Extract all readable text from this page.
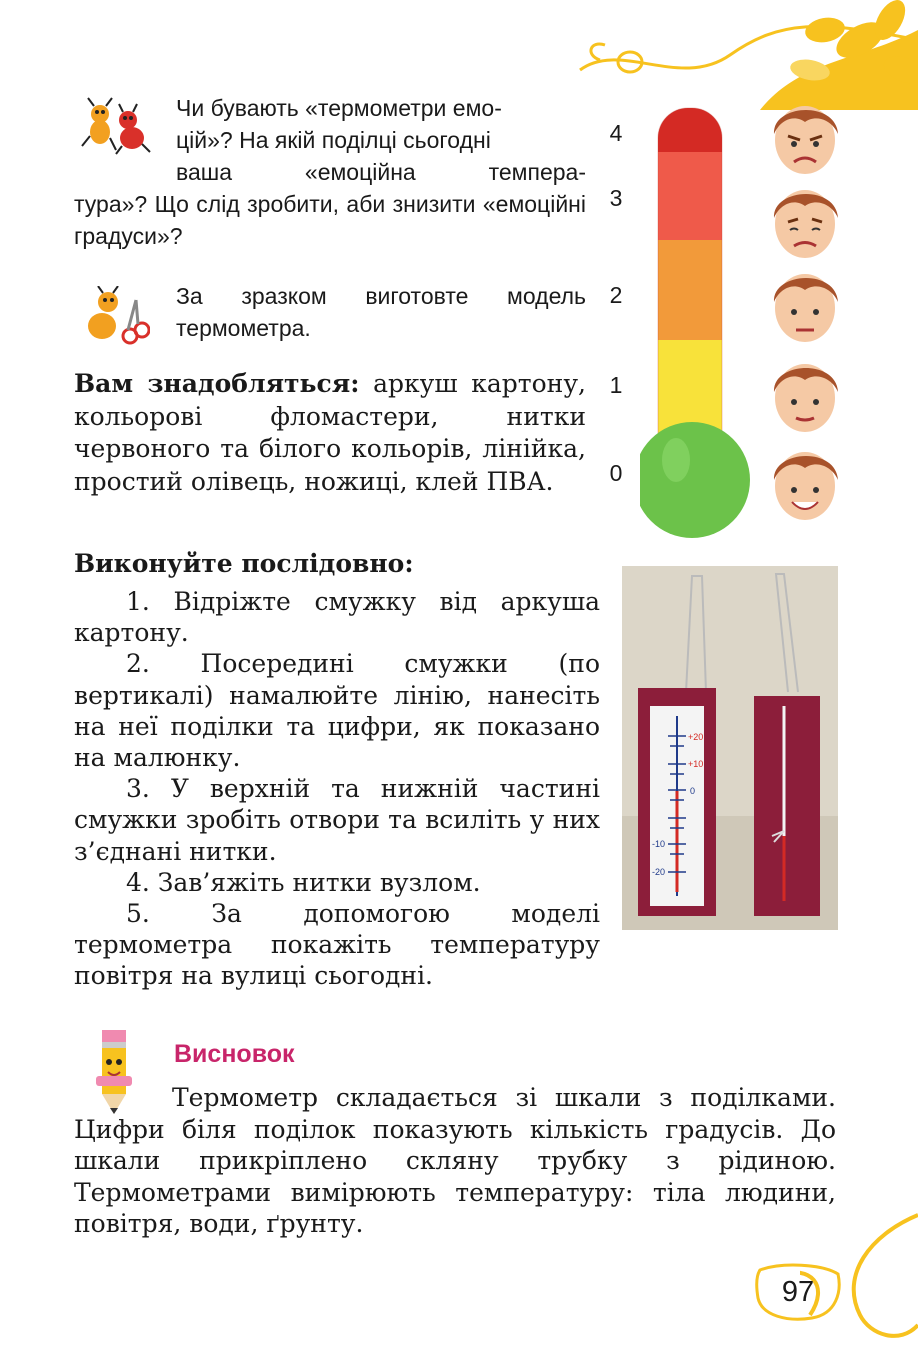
Чи бувають «термометри емо-
цій»? На якій поділці сьогодні
ваша «емоційна темпера-
тура»? Що слід зробити, аби знизити «емоційні градуси»?
За зразком виготовте модель термометра.
Вам знадобляться: аркуш картону, кольорові фломастери, нитки червоного та білого кольорів, лінійка, простий олівець, ножиці, клей ПВА.
4
3
2
1
0
Виконуйте послідовно:

1. Відріжте смужку від аркуша картону.

2. Посередині смужки (по вертикалі) намалюйте лінію, нанесіть на неї поділки та цифри, як показано на малюнку.

3. У верхній та нижній частині смужки зробіть отвори та всиліть у них з’єднані нитки.

4. Зав’яжіть нитки вузлом.

5. За допомогою моделі термометра покажіть температуру повітря на вулиці сьогодні.

+20
+10
0
-10
-20
Висновок

Термометр складається зі шкали з поділками. Цифри біля поділок показують кількість градусів. До шкали прикріплено скляну трубку з рідиною. Термометрами вимірюють температуру: тіла людини, повітря, води, ґрунту.

97
